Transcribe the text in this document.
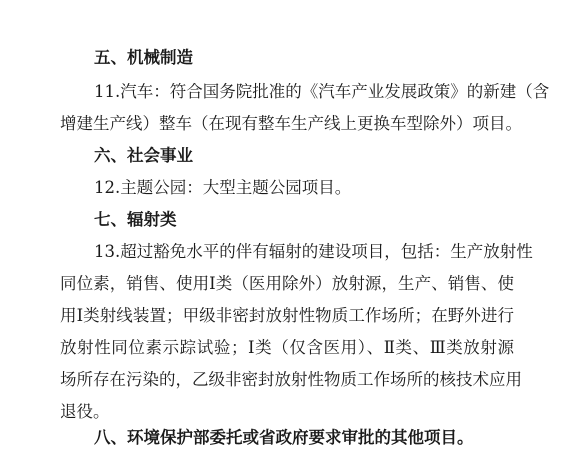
五、机械制造
11.汽车：符合国务院批准的《汽车产业发展政策》的新建（含
增建生产线）整车（在现有整车生产线上更换车型除外）项目。
六、社会事业
12.主题公园：大型主题公园项目。
七、辐射类
13.超过豁免水平的伴有辐射的建设项目，包括：生产放射性
同位素，销售、使用Ⅰ类（医用除外）放射源，生产、销售、使
用Ⅰ类射线装置；甲级非密封放射性物质工作场所；在野外进行
放射性同位素示踪试验；Ⅰ类（仅含医用）、Ⅱ类、Ⅲ类放射源
场所存在污染的，乙级非密封放射性物质工作场所的核技术应用
退役。
八、环境保护部委托或省政府要求审批的其他项目。
